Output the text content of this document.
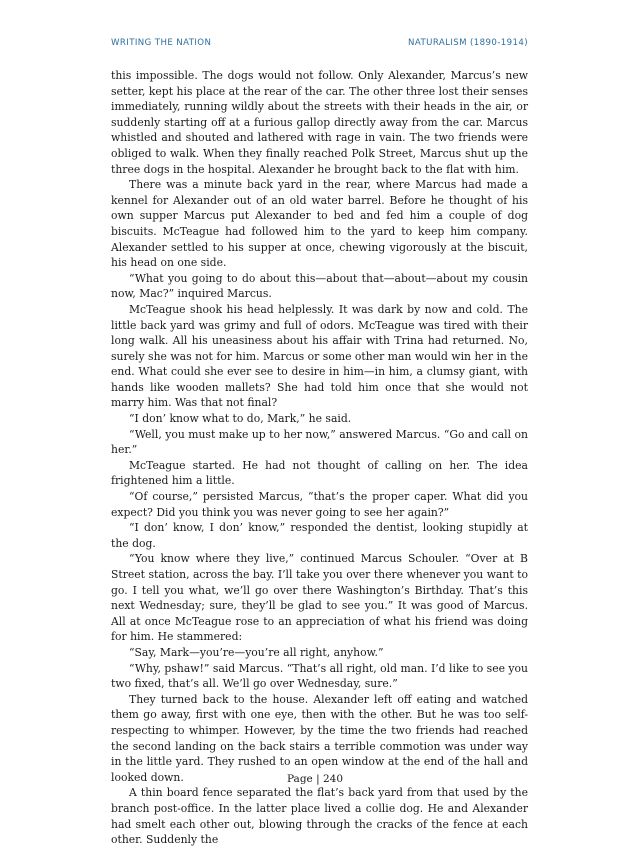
WRITING THE NATION	NATURALISM (1890-1914)

this impossible. The dogs would not follow. Only Alexander, Marcus’s new setter, kept his place at the rear of the car. The other three lost their senses immediately, running wildly about the streets with their heads in the air, or suddenly starting off at a furious gallop directly away from the car. Marcus whistled and shouted and lathered with rage in vain. The two friends were obliged to walk. When they finally reached Polk Street, Marcus shut up the three dogs in the hospital. Alexander he brought back to the flat with him.

There was a minute back yard in the rear, where Marcus had made a kennel for Alexander out of an old water barrel. Before he thought of his own supper Marcus put Alexander to bed and fed him a couple of dog biscuits. McTeague had followed him to the yard to keep him company. Alexander settled to his supper at once, chewing vigorously at the biscuit, his head on one side.

“What you going to do about this—about that—about—about my cousin now, Mac?” inquired Marcus.

McTeague shook his head helplessly. It was dark by now and cold. The little back yard was grimy and full of odors. McTeague was tired with their long walk. All his uneasiness about his affair with Trina had returned. No, surely she was not for him. Marcus or some other man would win her in the end. What could she ever see to desire in him—in him, a clumsy giant, with hands like wooden mallets? She had told him once that she would not marry him. Was that not final?

“I don’ know what to do, Mark,” he said.

“Well, you must make up to her now,” answered Marcus. “Go and call on her.”

McTeague started. He had not thought of calling on her. The idea frightened him a little.

“Of course,” persisted Marcus, “that’s the proper caper. What did you expect? Did you think you was never going to see her again?”

“I don’ know, I don’ know,” responded the dentist, looking stupidly at the dog.

“You know where they live,” continued Marcus Schouler. “Over at B Street station, across the bay. I’ll take you over there whenever you want to go. I tell you what, we’ll go over there Washington’s Birthday. That’s this next Wednesday; sure, they’ll be glad to see you.” It was good of Marcus. All at once McTeague rose to an appreciation of what his friend was doing for him. He stammered:

“Say, Mark—you’re—you’re all right, anyhow.”

“Why, pshaw!” said Marcus. “That’s all right, old man. I’d like to see you two fixed, that’s all. We’ll go over Wednesday, sure.”

They turned back to the house. Alexander left off eating and watched them go away, first with one eye, then with the other. But he was too self-respecting to whimper. However, by the time the two friends had reached the second landing on the back stairs a terrible commotion was under way in the little yard. They rushed to an open window at the end of the hall and looked down.

A thin board fence separated the flat’s back yard from that used by the branch post-office. In the latter place lived a collie dog. He and Alexander had smelt each other out, blowing through the cracks of the fence at each other. Suddenly the

Page | 240
